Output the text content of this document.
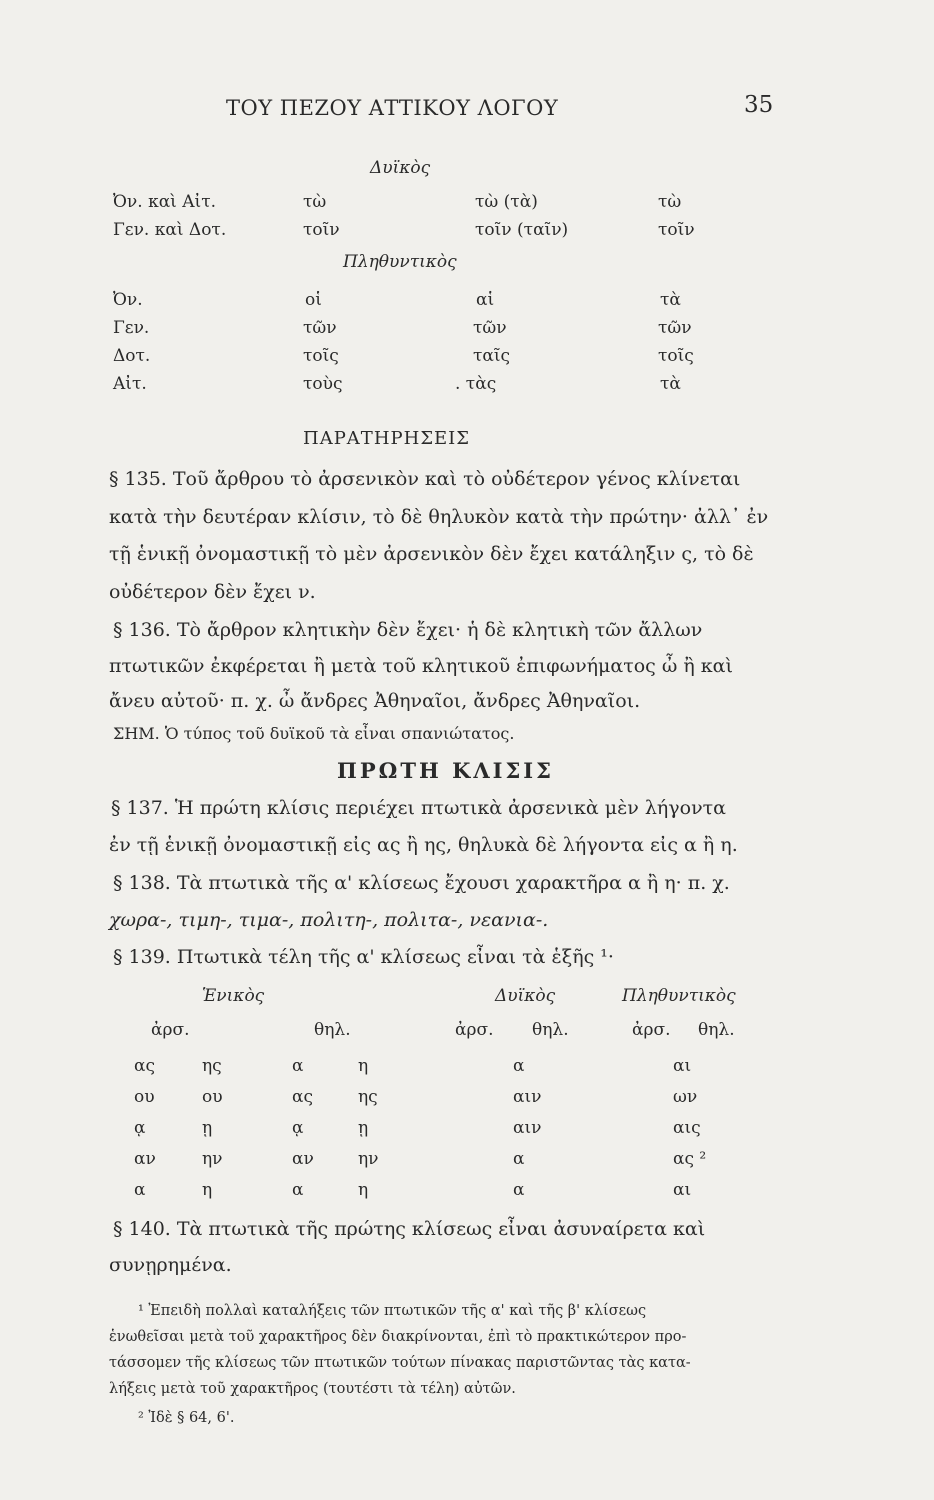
ΤΟΥ ΠΕΖΟΥ ΑΤΤΙΚΟΥ ΛΟΓΟΥ	35
Δυϊκὸς
Ὀν. καὶ Αἰτ.	τὼ	τὼ (τὰ)	τὼ
Γεν. καὶ Δοτ.	τοῖν	τοῖν (ταῖν)	τοῖν
Πληθυντικὸς
Ὀν.	οἱ	αἱ	τὰ
Γεν.	τῶν	τῶν	τῶν
Δοτ.	τοῖς	ταῖς	τοῖς
Αἰτ.	τοὺς	. τὰς	τὰ
ΠΑΡΑΤΗΡΗΣΕΙΣ
§ 135. Τοῦ ἄρθρου τὸ ἀρσενικὸν καὶ τὸ οὐδέτερον γένος κλίνεται
κατὰ τὴν δευτέραν κλίσιν, τὸ δὲ θηλυκὸν κατὰ τὴν πρώτην· ἀλλ᾽ ἐν
τῇ ἑνικῇ ὀνομαστικῇ τὸ μὲν ἀρσενικὸν δὲν ἔχει κατάληξιν ς, τὸ δὲ
οὐδέτερον δὲν ἔχει ν.
§ 136. Τὸ ἄρθρον κλητικὴν δὲν ἔχει· ἡ δὲ κλητικὴ τῶν ἄλλων
πτωτικῶν ἐκφέρεται ἢ μετὰ τοῦ κλητικοῦ ἐπιφωνήματος ὦ ἢ καὶ
ἄνευ αὐτοῦ· π. χ. ὦ ἄνδρες Ἀθηναῖοι, ἄνδρες Ἀθηναῖοι.
ΣΗΜ. Ὁ τύπος τοῦ δυϊκοῦ τὰ εἶναι σπανιώτατος.
ΠΡΩΤΗ ΚΛΙΣΙΣ
§ 137. Ἡ πρώτη κλίσις περιέχει πτωτικὰ ἀρσενικὰ μὲν λήγοντα
ἐν τῇ ἑνικῇ ὀνομαστικῇ εἰς ας ἢ ης, θηλυκὰ δὲ λήγοντα εἰς α ἢ η.
§ 138. Τὰ πτωτικὰ τῆς α' κλίσεως ἔχουσι χαρακτῆρα α ἢ η· π. χ.
χωρα-, τιμη-, τιμα-, πολιτη-, πολιτα-, νεανια-.
§ 139. Πτωτικὰ τέλη τῆς α' κλίσεως εἶναι τὰ ἑξῆς ¹·
Ἑνικὸς	Δυϊκὸς	Πληθυντικὸς
ἀρσ.	θηλ.	ἀρσ. θηλ.	ἀρσ. θηλ.
ας	ης	α	η	α	αι
ου	ου	ας	ης	αιν	ων
ᾳ	ῃ	ᾳ	ῃ	αιν	αις
αν	ην	αν	ην	α	ας ²
α	η	α	η	α	αι
§ 140. Τὰ πτωτικὰ τῆς πρώτης κλίσεως εἶναι ἀσυναίρετα καὶ
συνῃρημένα.
¹ Ἐπειδὴ πολλαὶ καταλήξεις τῶν πτωτικῶν τῆς α' καὶ τῆς β' κλίσεως
ἑνωθεῖσαι μετὰ τοῦ χαρακτῆρος δὲν διακρίνονται, ἐπὶ τὸ πρακτικώτερον προ-
τάσσομεν τῆς κλίσεως τῶν πτωτικῶν τούτων πίνακας παριστῶντας τὰς κατα-
λήξεις μετὰ τοῦ χαρακτῆρος (τουτέστι τὰ τέλη) αὐτῶν.
² Ἰδὲ § 64, 6'.
